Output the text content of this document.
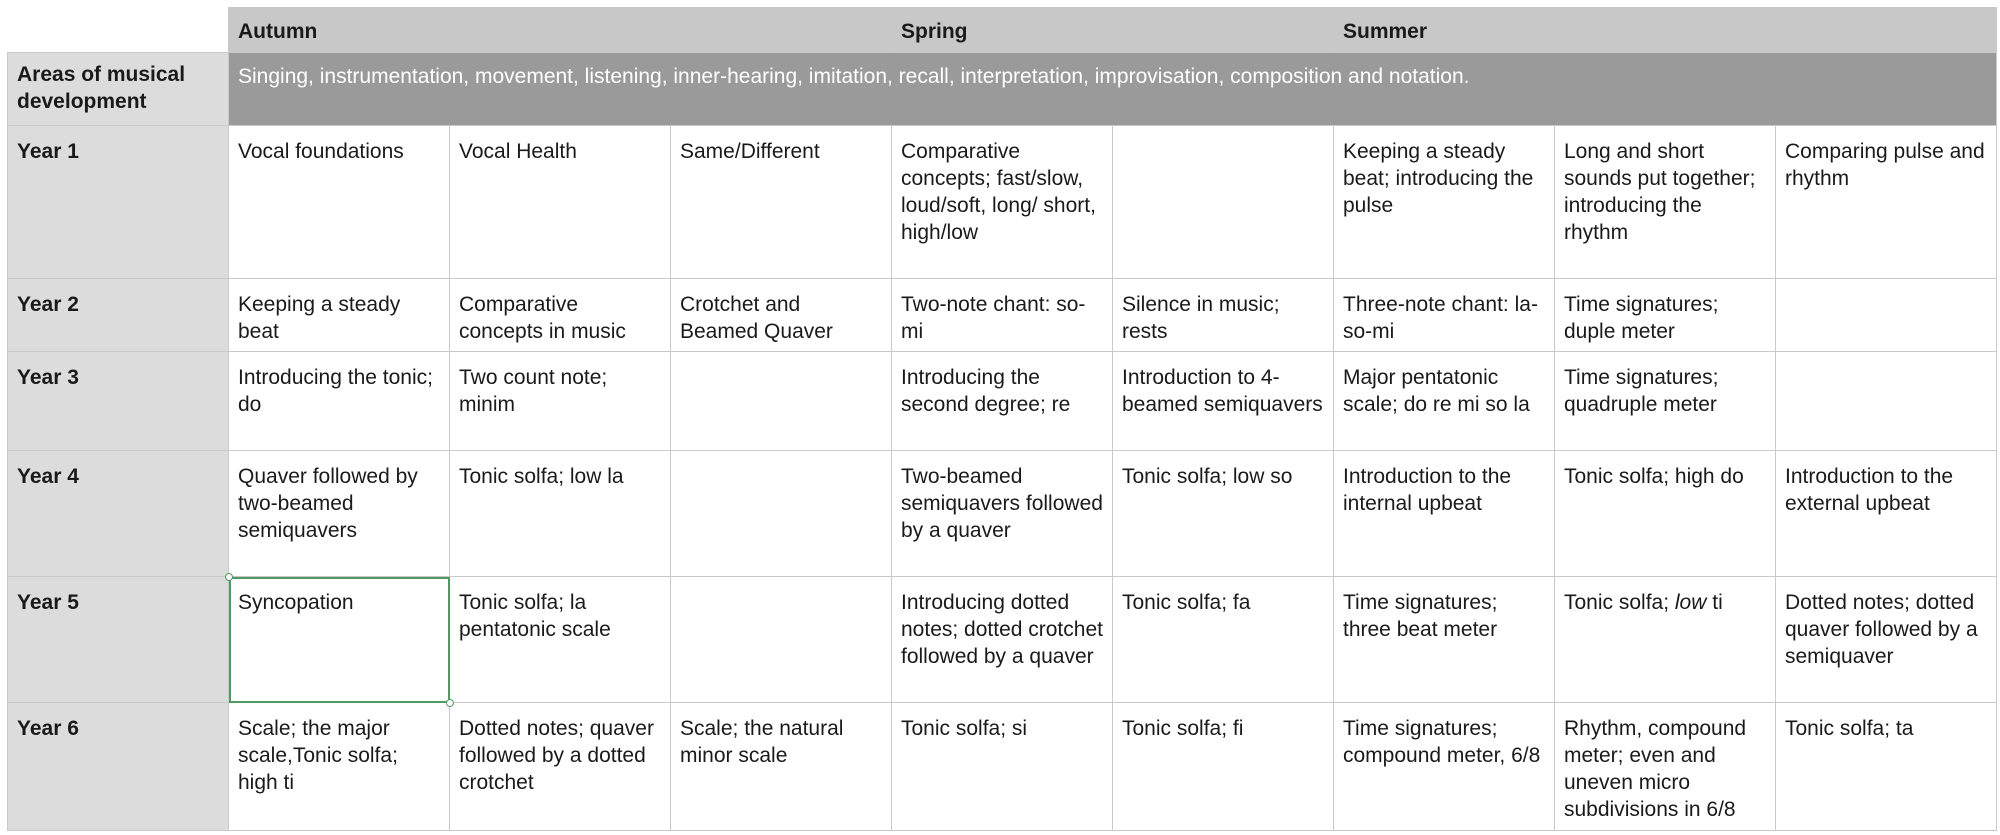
	Autumn			Spring		Summer		
Areas of musical development	Singing, instrumentation, movement, listening, inner-hearing, imitation, recall, interpretation, improvisation, composition and notation.							
Year 1	Vocal foundations	Vocal Health	Same/Different	Comparative concepts; fast/slow, loud/soft, long/ short, high/low		Keeping a steady beat; introducing the pulse	Long and short sounds put together; introducing the rhythm	Comparing pulse and rhythm
Year 2	Keeping a steady beat	Comparative concepts in music	Crotchet and Beamed Quaver	Two-note chant: so-mi	Silence in music; rests	Three-note chant: la-so-mi	Time signatures; duple meter	
Year 3	Introducing the tonic; do	Two count note; minim		Introducing the second degree; re	Introduction to 4-beamed semiquavers	Major pentatonic scale; do re mi so la	Time signatures; quadruple meter	
Year 4	Quaver followed by two-beamed semiquavers	Tonic solfa; low la		Two-beamed semiquavers followed by a quaver	Tonic solfa; low so	Introduction to the internal upbeat	Tonic solfa; high do	Introduction to the external upbeat
Year 5	Syncopation	Tonic solfa; la pentatonic scale		Introducing dotted notes; dotted crotchet followed by a quaver	Tonic solfa; fa	Time signatures; three beat meter	Tonic solfa; low ti	Dotted notes; dotted quaver followed by a semiquaver
Year 6	Scale; the major scale,Tonic solfa; high ti	Dotted notes; quaver followed by a dotted crotchet	Scale; the natural minor scale	Tonic solfa; si	Tonic solfa; fi	Time signatures; compound meter, 6/8	Rhythm, compound meter; even and uneven micro subdivisions in 6/8	Tonic solfa; ta
